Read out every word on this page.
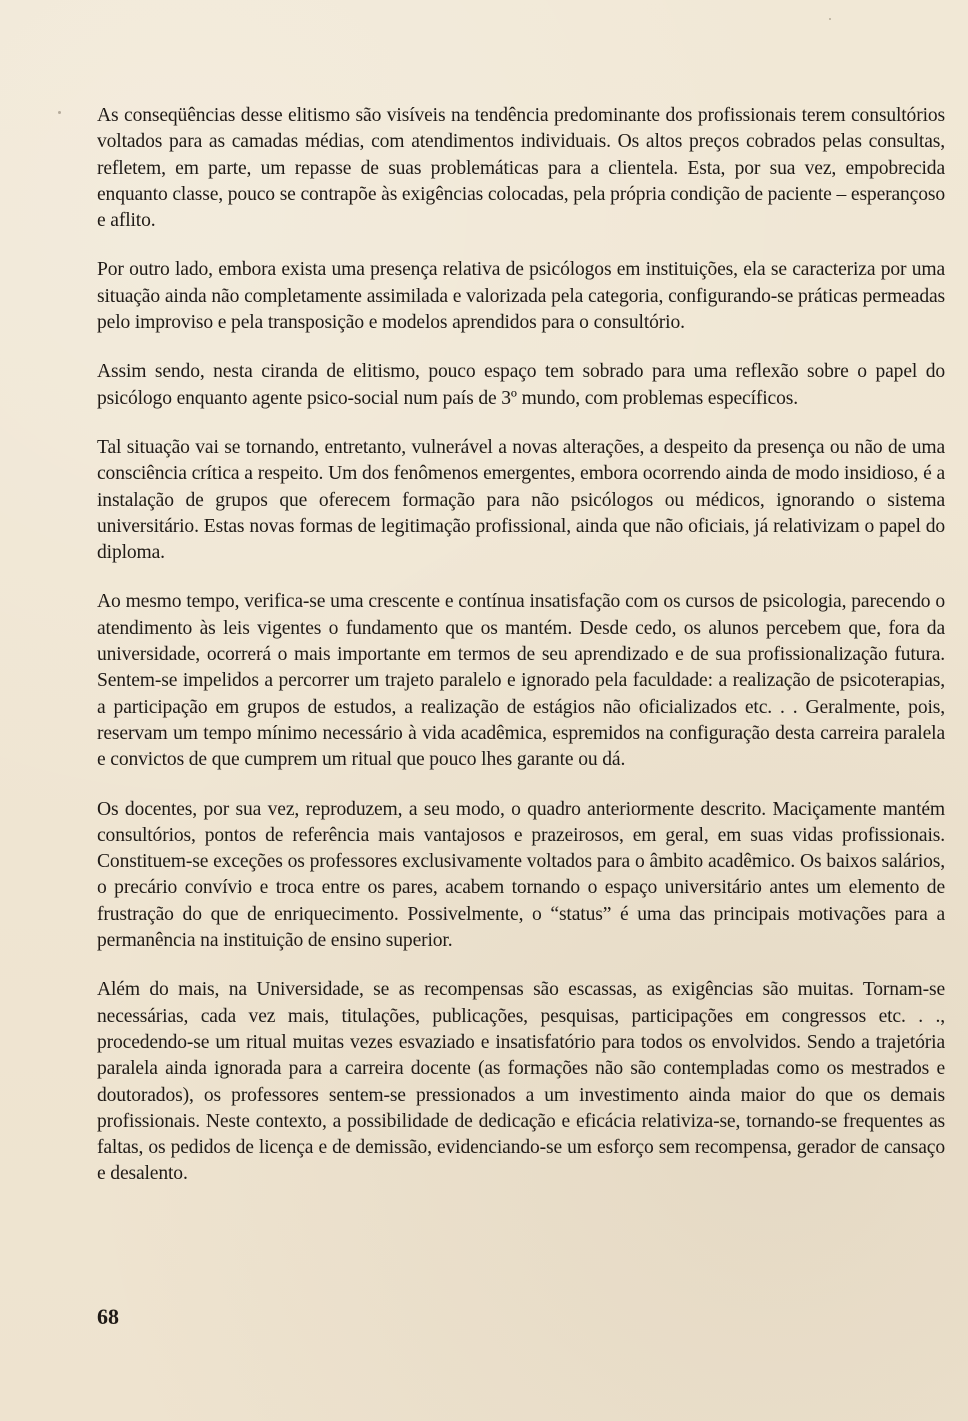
As conseqüências desse elitismo são visíveis na tendência predominante dos profissionais terem consultórios voltados para as camadas médias, com atendimentos individuais. Os altos preços cobrados pelas consultas, refletem, em parte, um repasse de suas problemáticas para a clientela. Esta, por sua vez, empobrecida enquanto classe, pouco se contrapõe às exigências colocadas, pela própria condição de paciente – esperançoso e aflito.

Por outro lado, embora exista uma presença relativa de psicólogos em instituições, ela se caracteriza por uma situação ainda não completamente assimilada e valorizada pela categoria, configurando-se práticas permeadas pelo improviso e pela transposição e modelos aprendidos para o consultório.

Assim sendo, nesta ciranda de elitismo, pouco espaço tem sobrado para uma reflexão sobre o papel do psicólogo enquanto agente psico-social num país de 3º mundo, com problemas específicos.

Tal situação vai se tornando, entretanto, vulnerável a novas alterações, a despeito da presença ou não de uma consciência crítica a respeito. Um dos fenômenos emergentes, embora ocorrendo ainda de modo insidioso, é a instalação de grupos que oferecem formação para não psicólogos ou médicos, ignorando o sistema universitário. Estas novas formas de legitimação profissional, ainda que não oficiais, já relativizam o papel do diploma.

Ao mesmo tempo, verifica-se uma crescente e contínua insatisfação com os cursos de psicologia, parecendo o atendimento às leis vigentes o fundamento que os mantém. Desde cedo, os alunos percebem que, fora da universidade, ocorrerá o mais importante em termos de seu aprendizado e de sua profissionalização futura. Sentem-se impelidos a percorrer um trajeto paralelo e ignorado pela faculdade: a realização de psicoterapias, a participação em grupos de estudos, a realização de estágios não oficializados etc. . . Geralmente, pois, reservam um tempo mínimo necessário à vida acadêmica, espremidos na configuração desta carreira paralela e convictos de que cumprem um ritual que pouco lhes garante ou dá.

Os docentes, por sua vez, reproduzem, a seu modo, o quadro anteriormente descrito. Maciçamente mantém consultórios, pontos de referência mais vantajosos e prazeirosos, em geral, em suas vidas profissionais. Constituem-se exceções os professores exclusivamente voltados para o âmbito acadêmico. Os baixos salários, o precário convívio e troca entre os pares, acabem tornando o espaço universitário antes um elemento de frustração do que de enriquecimento. Possivelmente, o “status” é uma das principais motivações para a permanência na instituição de ensino superior.

Além do mais, na Universidade, se as recompensas são escassas, as exigências são muitas. Tornam-se necessárias, cada vez mais, titulações, publicações, pesquisas, participações em congressos etc. . ., procedendo-se um ritual muitas vezes esvaziado e insatisfatório para todos os envolvidos. Sendo a trajetória paralela ainda ignorada para a carreira docente (as formações não são contempladas como os mestrados e doutorados), os professores sentem-se pressionados a um investimento ainda maior do que os demais profissionais. Neste contexto, a possibilidade de dedicação e eficácia relativiza-se, tornando-se frequentes as faltas, os pedidos de licença e de demissão, evidenciando-se um esforço sem recompensa, gerador de cansaço e desalento.

68
